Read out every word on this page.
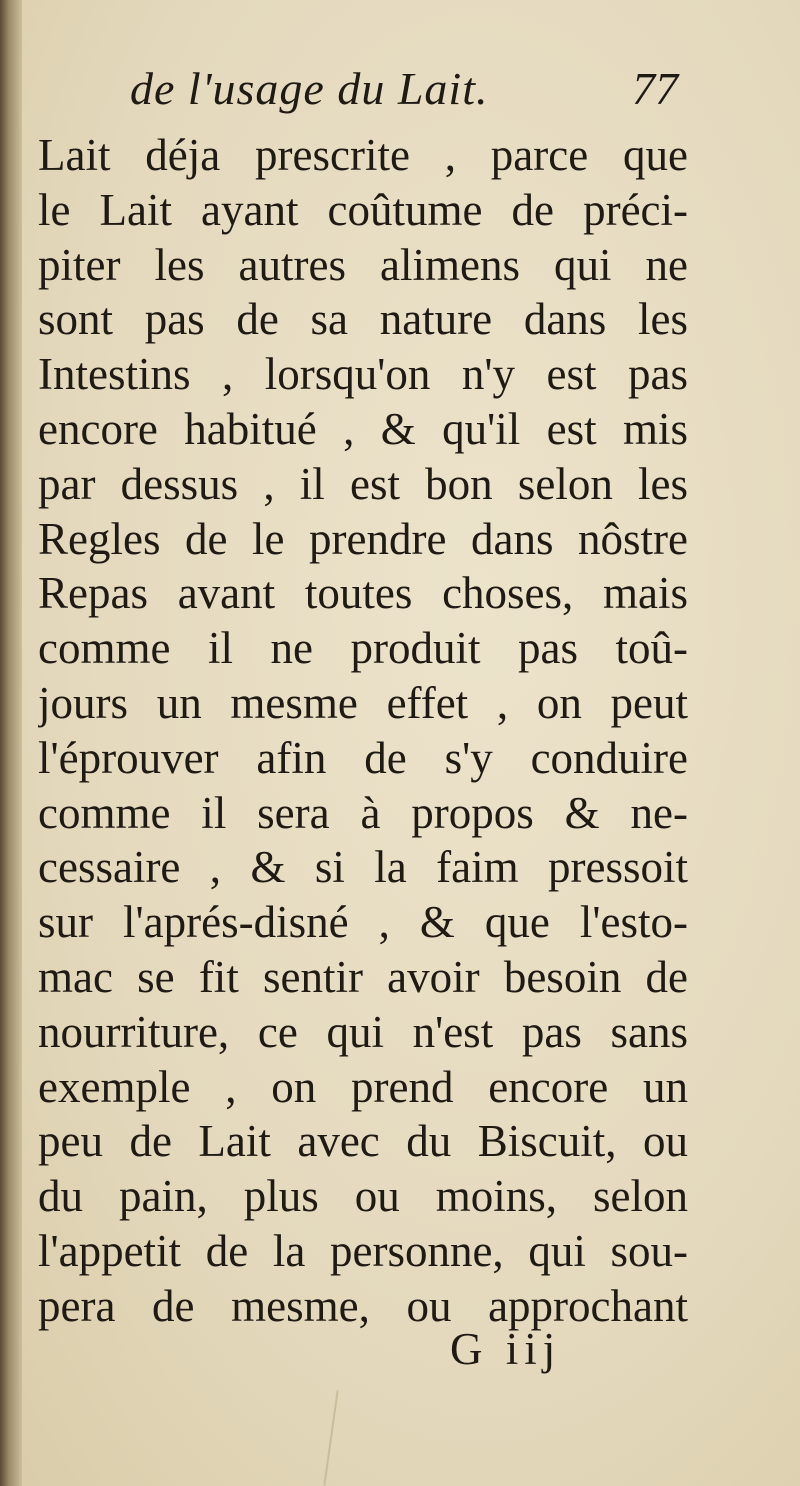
de l'usage du Lait.	77
Lait déja prescrite , parce que
le Lait ayant coûtume de préci-
piter les autres alimens qui ne
sont pas de sa nature dans les
Intestins , lorsqu'on n'y est pas
encore habitué , & qu'il est mis
par dessus , il est bon selon les
Regles de le prendre dans nôstre
Repas avant toutes choses, mais
comme il ne produit pas toû-
jours un mesme effet , on peut
l'éprouver afin de s'y conduire
comme il sera à propos & ne-
cessaire , & si la faim pressoit
sur l'aprés-disné , & que l'esto-
mac se fit sentir avoir besoin de
nourriture, ce qui n'est pas sans
exemple , on prend encore un
peu de Lait avec du Biscuit, ou
du pain, plus ou moins, selon
l'appetit de la personne, qui sou-
pera de mesme, ou approchant
G iij
